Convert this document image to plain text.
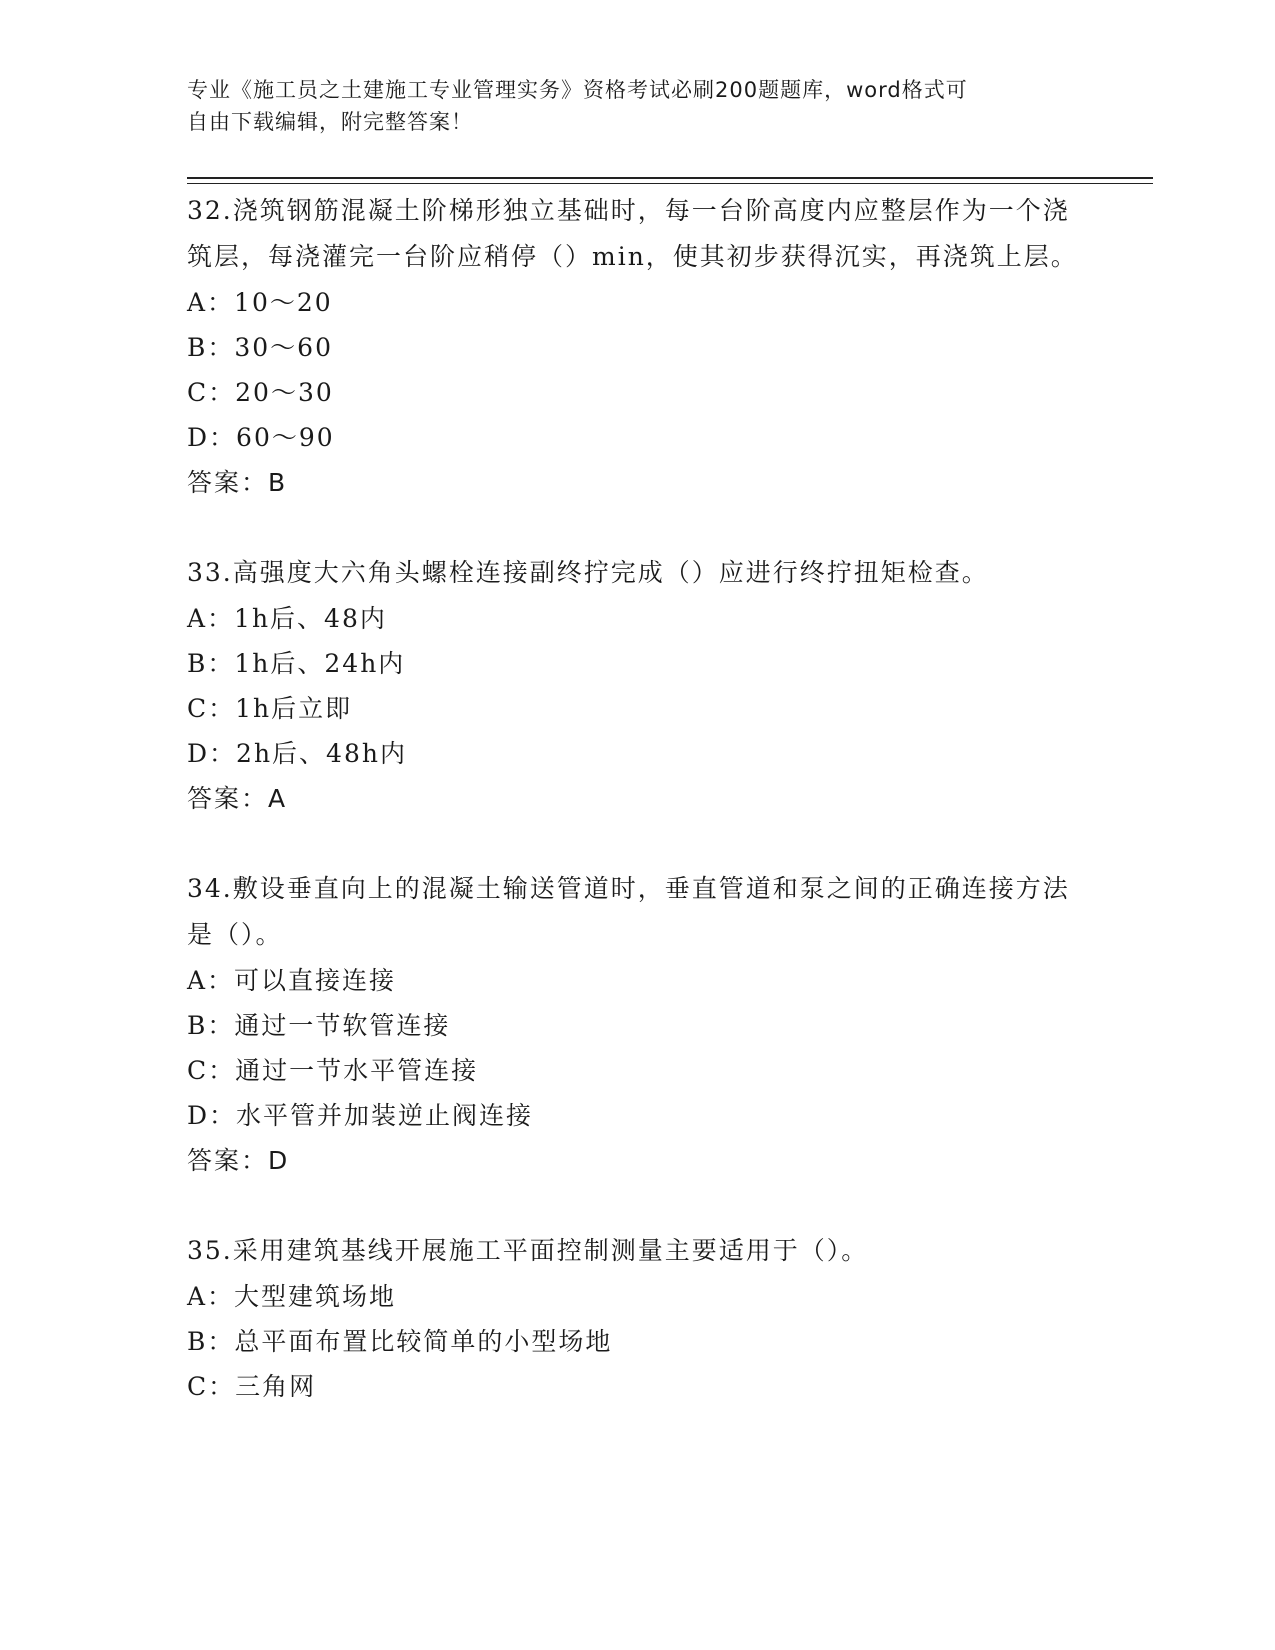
专业《施工员之土建施工专业管理实务》资格考试必刷200题题库，word格式可
自由下载编辑，附完整答案！

32.浇筑钢筋混凝土阶梯形独立基础时，每一台阶高度内应整层作为一个浇筑层，每浇灌完一台阶应稍停（）min，使其初步获得沉实，再浇筑上层。

A：10～20

B：30～60

C：20～30

D：60～90

答案：B

33.高强度大六角头螺栓连接副终拧完成（）应进行终拧扭矩检查。

A：1h后、48内

B：1h后、24h内

C：1h后立即

D：2h后、48h内

答案：A

34.敷设垂直向上的混凝土输送管道时，垂直管道和泵之间的正确连接方法是（）。

A：可以直接连接

B：通过一节软管连接

C：通过一节水平管连接

D：水平管并加装逆止阀连接

答案：D

35.采用建筑基线开展施工平面控制测量主要适用于（）。

A：大型建筑场地

B：总平面布置比较简单的小型场地

C：三角网
